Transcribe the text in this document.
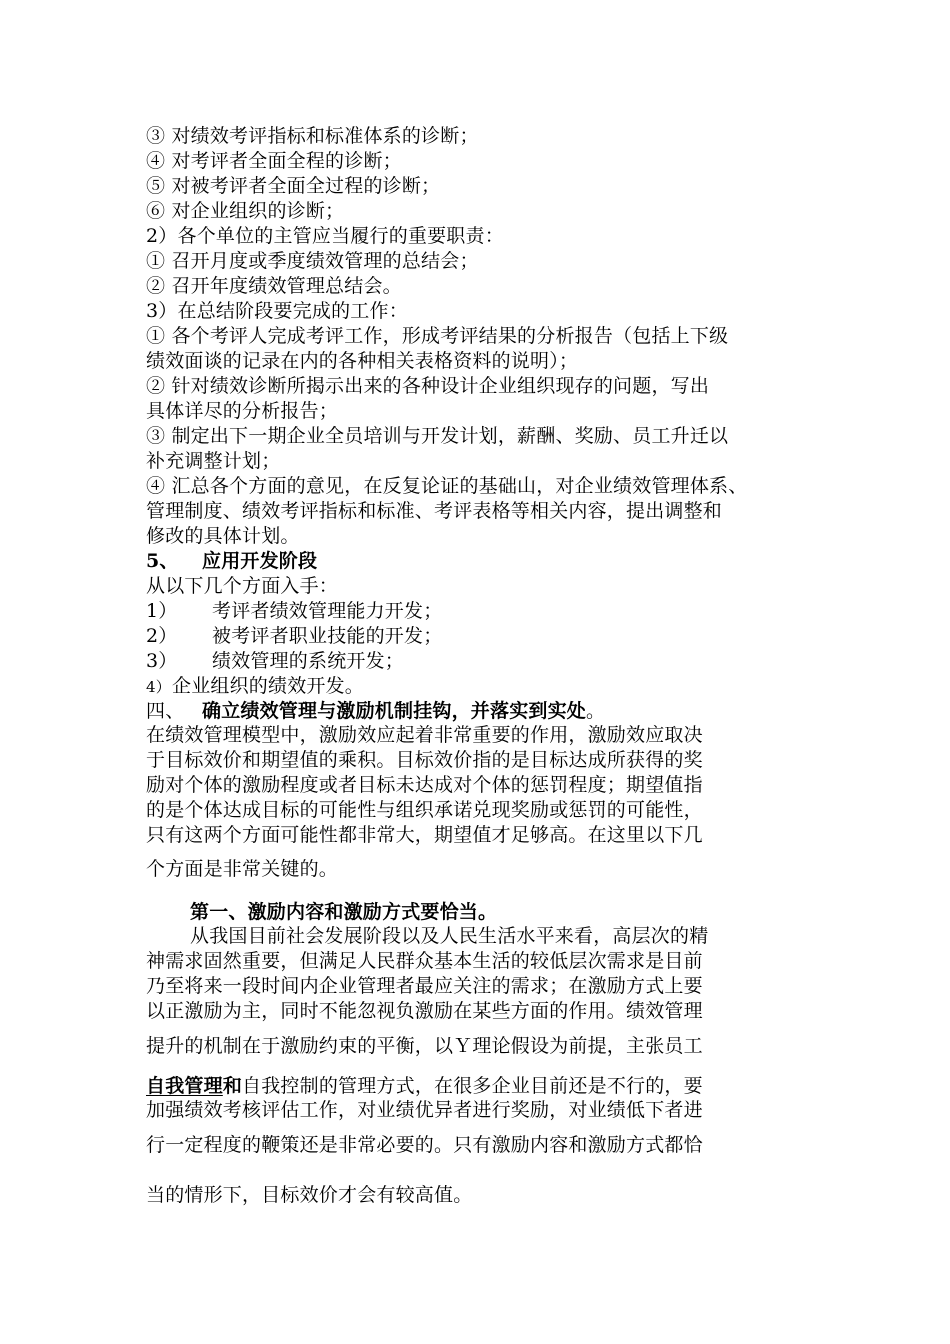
③ 对绩效考评指标和标准体系的诊断；
④ 对考评者全面全程的诊断；
⑤ 对被考评者全面全过程的诊断；
⑥ 对企业组织的诊断；
2）各个单位的主管应当履行的重要职责：
① 召开月度或季度绩效管理的总结会；
② 召开年度绩效管理总结会。
3）在总结阶段要完成的工作：
① 各个考评人完成考评工作，形成考评结果的分析报告（包括上下级
绩效面谈的记录在内的各种相关表格资料的说明）；
② 针对绩效诊断所揭示出来的各种设计企业组织现存的问题，写出
具体详尽的分析报告；
③ 制定出下一期企业全员培训与开发计划，薪酬、奖励、员工升迁以
补充调整计划；
④ 汇总各个方面的意见，在反复论证的基础山，对企业绩效管理体系、
管理制度、绩效考评指标和标准、考评表格等相关内容，提出调整和
修改的具体计划。
5、 应用开发阶段
从以下几个方面入手：
1） 考评者绩效管理能力开发；
2） 被考评者职业技能的开发；
3） 绩效管理的系统开发；
4）企业组织的绩效开发。
四、 确立绩效管理与激励机制挂钩，并落实到实处。
在绩效管理模型中，激励效应起着非常重要的作用，激励效应取决
于目标效价和期望值的乘积。目标效价指的是目标达成所获得的奖
励对个体的激励程度或者目标未达成对个体的惩罚程度；期望值指
的是个体达成目标的可能性与组织承诺兑现奖励或惩罚的可能性，
只有这两个方面可能性都非常大，期望值才足够高。在这里以下几
个方面是非常关键的。
第一、激励内容和激励方式要恰当。
从我国目前社会发展阶段以及人民生活水平来看，高层次的精
神需求固然重要，但满足人民群众基本生活的较低层次需求是目前
乃至将来一段时间内企业管理者最应关注的需求；在激励方式上要
以正激励为主，同时不能忽视负激励在某些方面的作用。绩效管理
提升的机制在于激励约束的平衡，以Ｙ理论假设为前提，主张员工
自我管理和自我控制的管理方式，在很多企业目前还是不行的，要
加强绩效考核评估工作，对业绩优异者进行奖励，对业绩低下者进
行一定程度的鞭策还是非常必要的。只有激励内容和激励方式都恰
当的情形下，目标效价才会有较高值。
